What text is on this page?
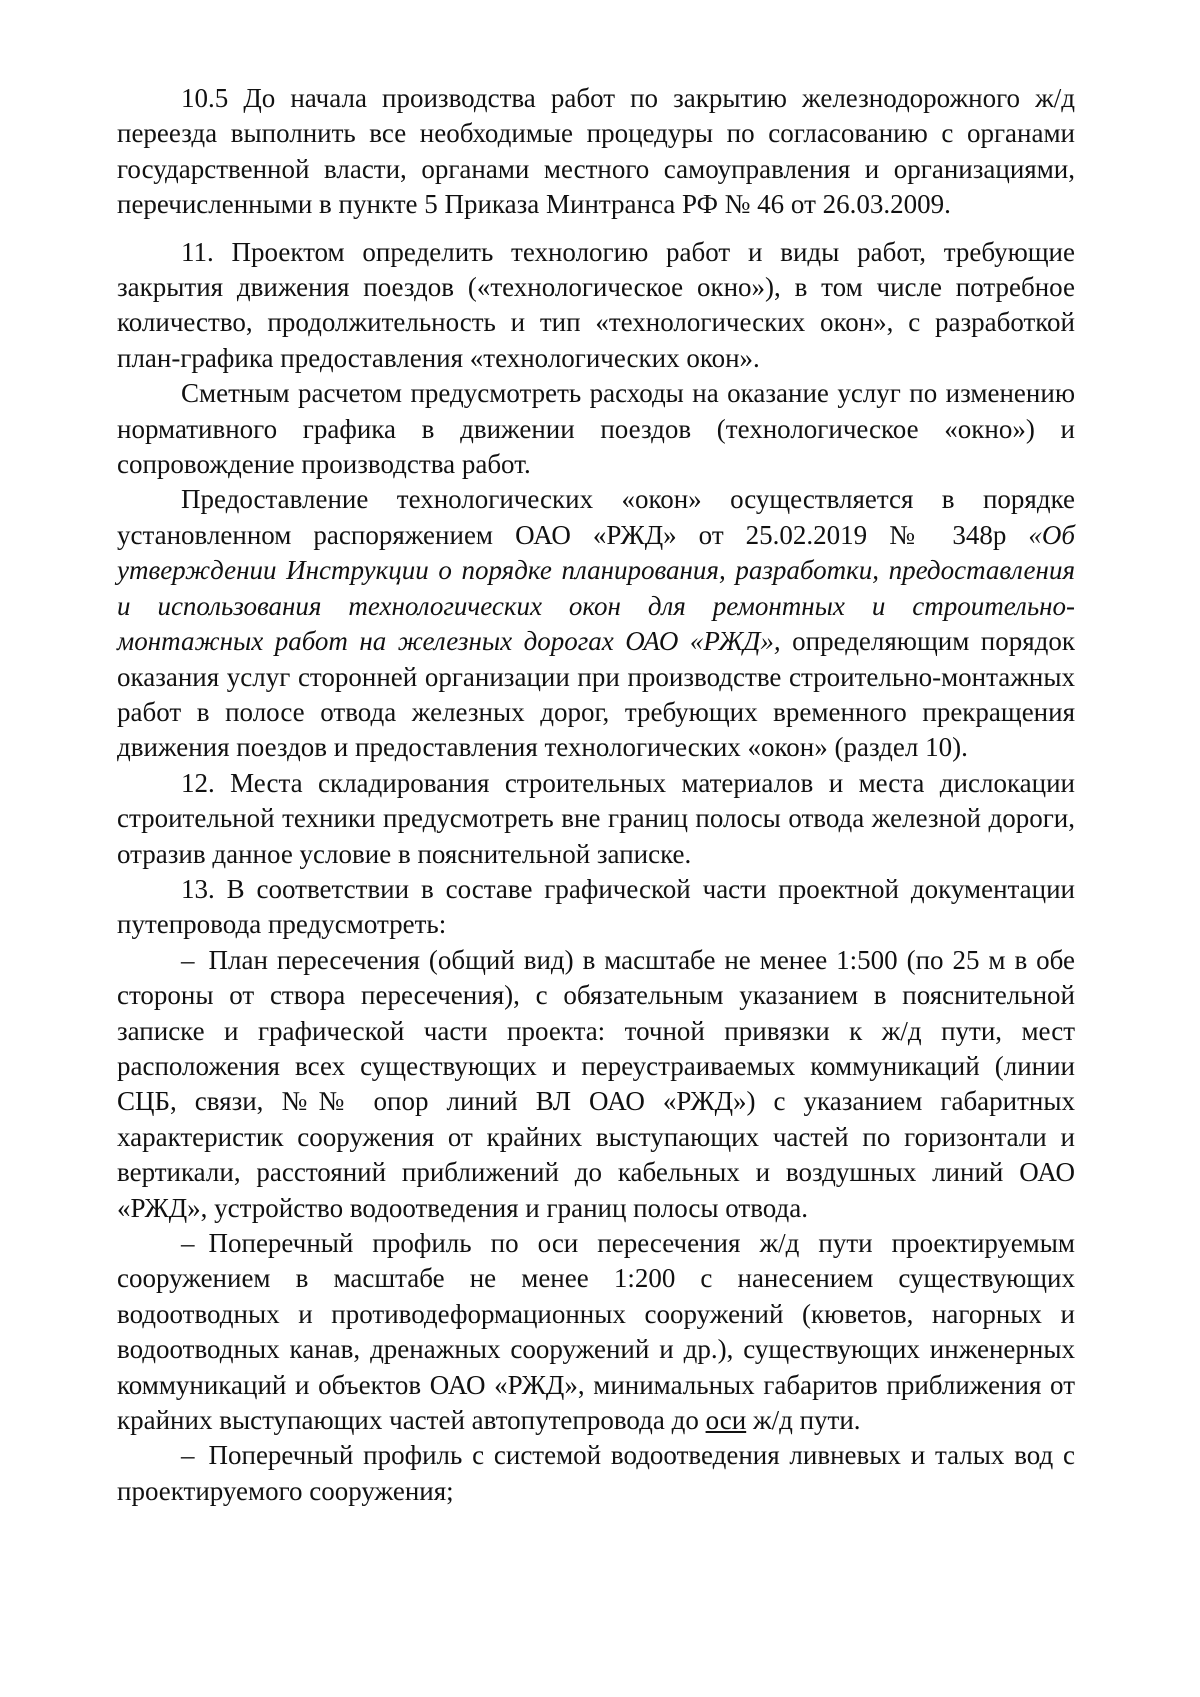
10.5 До начала производства работ по закрытию железнодорожного ж/д переезда выполнить все необходимые процедуры по согласованию с органами государственной власти, органами местного самоуправления и организациями, перечисленными в пункте 5 Приказа Минтранса РФ № 46 от 26.03.2009.

11. Проектом определить технологию работ и виды работ, требующие закрытия движения поездов («технологическое окно»), в том числе потребное количество, продолжительность и тип «технологических окон», с разработкой план-графика предоставления «технологических окон».

Сметным расчетом предусмотреть расходы на оказание услуг по изменению нормативного графика в движении поездов (технологическое «окно») и сопровождение производства работ.

Предоставление технологических «окон» осуществляется в порядке установленном распоряжением ОАО «РЖД» от 25.02.2019 № 348р «Об утверждении Инструкции о порядке планирования, разработки, предоставления и использования технологических окон для ремонтных и строительно-монтажных работ на железных дорогах ОАО «РЖД», определяющим порядок оказания услуг сторонней организации при производстве строительно-монтажных работ в полосе отвода железных дорог, требующих временного прекращения движения поездов и предоставления технологических «окон» (раздел 10).

12. Места складирования строительных материалов и места дислокации строительной техники предусмотреть вне границ полосы отвода железной дороги, отразив данное условие в пояснительной записке.

13. В соответствии в составе графической части проектной документации путепровода предусмотреть:

– План пересечения (общий вид) в масштабе не менее 1:500 (по 25 м в обе стороны от створа пересечения), с обязательным указанием в пояснительной записке и графической части проекта: точной привязки к ж/д пути, мест расположения всех существующих и переустраиваемых коммуникаций (линии СЦБ, связи, №№ опор линий ВЛ ОАО «РЖД») с указанием габаритных характеристик сооружения от крайних выступающих частей по горизонтали и вертикали, расстояний приближений до кабельных и воздушных линий ОАО «РЖД», устройство водоотведения и границ полосы отвода.

– Поперечный профиль по оси пересечения ж/д пути проектируемым сооружением в масштабе не менее 1:200 с нанесением существующих водоотводных и противодеформационных сооружений (кюветов, нагорных и водоотводных канав, дренажных сооружений и др.), существующих инженерных коммуникаций и объектов ОАО «РЖД», минимальных габаритов приближения от крайних выступающих частей автопутепровода до оси ж/д пути.

– Поперечный профиль с системой водоотведения ливневых и талых вод с проектируемого сооружения;
